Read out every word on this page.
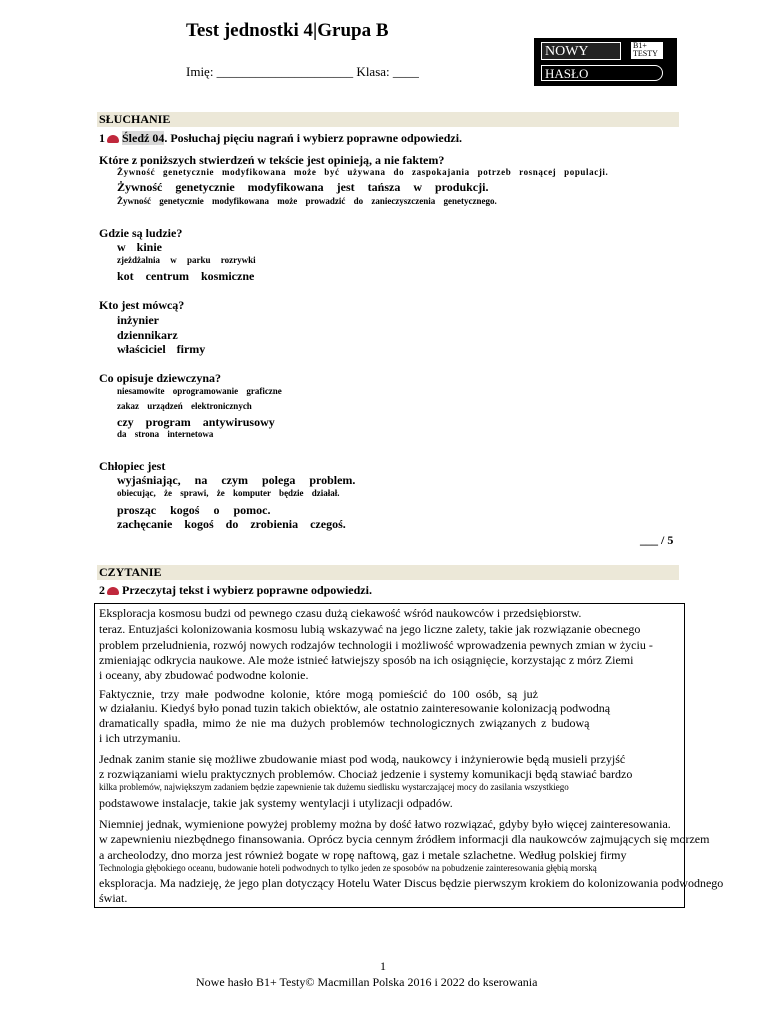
Test jednostki 4|Grupa B
Imię: _____________________ Klasa: ____
NOWY	B1+ TESTY
HASŁO
SŁUCHANIE
1 Śledź 04. Posłuchaj pięciu nagrań i wybierz poprawne odpowiedzi.
Które z poniższych stwierdzeń w tekście jest opinieją, a nie faktem?
Żywność genetycznie modyfikowana może być używana do zaspokajania potrzeb rosnącej populacji.
Żywność genetycznie modyfikowana jest tańsza w produkcji.
Żywność genetycznie modyfikowana może prowadzić do zanieczyszczenia genetycznego.
Gdzie są ludzie?
w kinie
zjeżdżalnia w parku rozrywki
kot centrum kosmiczne
Kto jest mówcą?
inżynier
dziennikarz
właściciel firmy
Co opisuje dziewczyna?
niesamowite oprogramowanie graficzne
zakaz urządzeń elektronicznych
czy program antywirusowy
da strona internetowa
Chłopiec jest
wyjaśniając, na czym polega problem.
obiecując, że sprawi, że komputer będzie działał.
prosząc kogoś o pomoc.
zachęcanie kogoś do zrobienia czegoś.
___ / 5
CZYTANIE
2 Przeczytaj tekst i wybierz poprawne odpowiedzi.
Eksploracja kosmosu budzi od pewnego czasu dużą ciekawość wśród naukowców i przedsiębiorstw.
teraz. Entuzjaści kolonizowania kosmosu lubią wskazywać na jego liczne zalety, takie jak rozwiązanie obecnego
problem przeludnienia, rozwój nowych rodzajów technologii i możliwość wprowadzenia pewnych zmian w życiu -
zmieniając odkrycia naukowe. Ale może istnieć łatwiejszy sposób na ich osiągnięcie, korzystając z mórz Ziemi
i oceany, aby zbudować podwodne kolonie.
Faktycznie, trzy małe podwodne kolonie, które mogą pomieścić do 100 osób, są już
w działaniu. Kiedyś było ponad tuzin takich obiektów, ale ostatnio zainteresowanie kolonizacją podwodną
dramatically spadła, mimo że nie ma dużych problemów technologicznych związanych z budową
i ich utrzymaniu.
Jednak zanim stanie się możliwe zbudowanie miast pod wodą, naukowcy i inżynierowie będą musieli przyjść
z rozwiązaniami wielu praktycznych problemów. Chociaż jedzenie i systemy komunikacji będą stawiać bardzo
kilka problemów, największym zadaniem będzie zapewnienie tak dużemu siedlisku wystarczającej mocy do zasilania wszystkiego
podstawowe instalacje, takie jak systemy wentylacji i utylizacji odpadów.
Niemniej jednak, wymienione powyżej problemy można by dość łatwo rozwiązać, gdyby było więcej zainteresowania.
w zapewnieniu niezbędnego finansowania. Oprócz bycia cennym źródłem informacji dla naukowców zajmujących się morzem
a archeolodzy, dno morza jest również bogate w ropę naftową, gaz i metale szlachetne. Według polskiej firmy
Technologia głębokiego oceanu, budowanie hoteli podwodnych to tylko jeden ze sposobów na pobudzenie zainteresowania głębią morską
eksploracja. Ma nadzieję, że jego plan dotyczący Hotelu Water Discus będzie pierwszym krokiem do kolonizowania podwodnego
świat.
1
Nowe hasło B1+ Testy© Macmillan Polska 2016 i 2022 do kserowania
